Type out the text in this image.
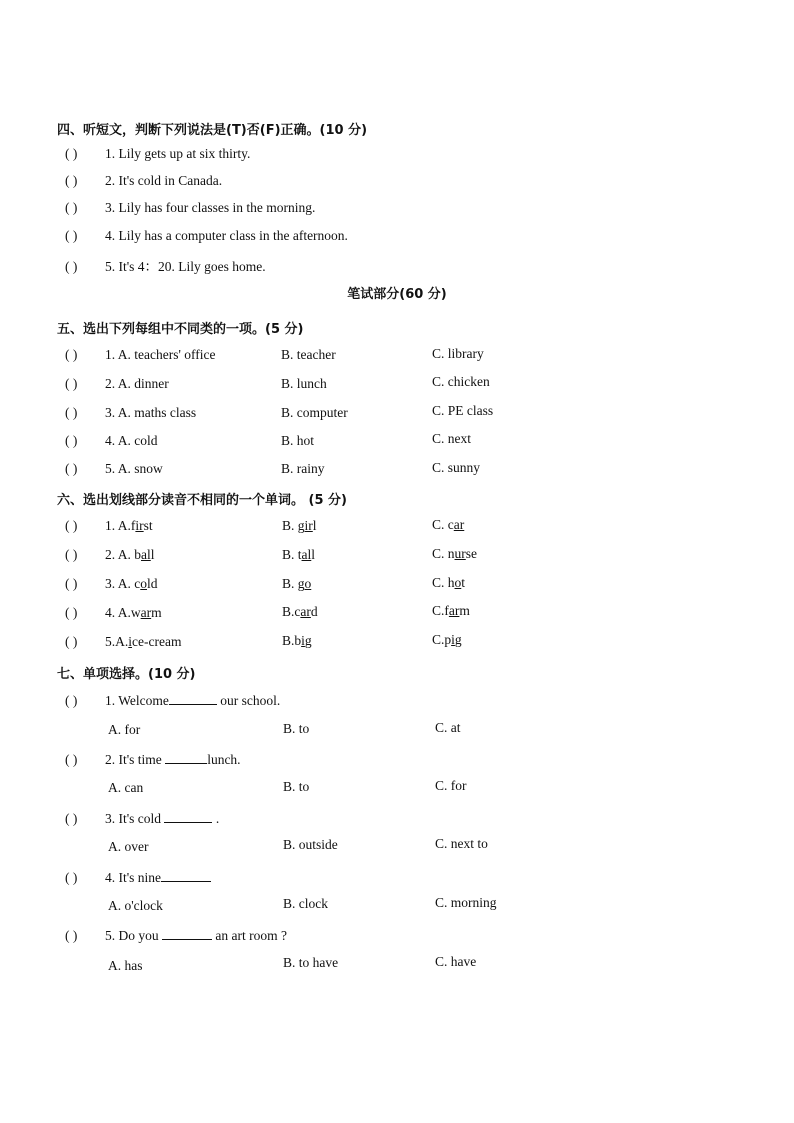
四、听短文，判断下列说法是(T)否(F)正确。(10 分)
( ) 1. Lily gets up at six thirty.
( ) 2. It's cold in Canada.
( ) 3. Lily has four classes in the morning.
( ) 4. Lily has a computer class in the afternoon.
( ) 5. It's 4：20. Lily goes home.
笔试部分(60 分)
五、选出下列每组中不同类的一项。(5 分)
( ) 1. A. teachers' office	B. teacher	C. library
( ) 2. A. dinner	B. lunch	C. chicken
( ) 3. A. maths class	B. computer	C. PE class
( ) 4. A. cold	B. hot	C. next
( ) 5. A. snow	B. rainy	C. sunny
六、选出划线部分读音不相同的一个单词。 (5 分)
( ) 1. A.first	B. girl	C. car
( ) 2. A. ball	B. tall	C. nurse
( ) 3. A. cold	B. go	C. hot
( ) 4. A.warm	B.card	C.farm
( ) 5.A.ice-cream	B.big	C.pig
七、单项选择。(10 分)
( ) 1. Welcome	our school.
A. for	B. to	C. at
( ) 2. It's time	lunch.
A. can	B. to	C. for
( ) 3. It's cold	.
A. over	B. outside	C. next to
( ) 4. It's nine
A. o'clock	B. clock	C. morning
( ) 5. Do you	an art room ?
A. has	B. to have	C. have
